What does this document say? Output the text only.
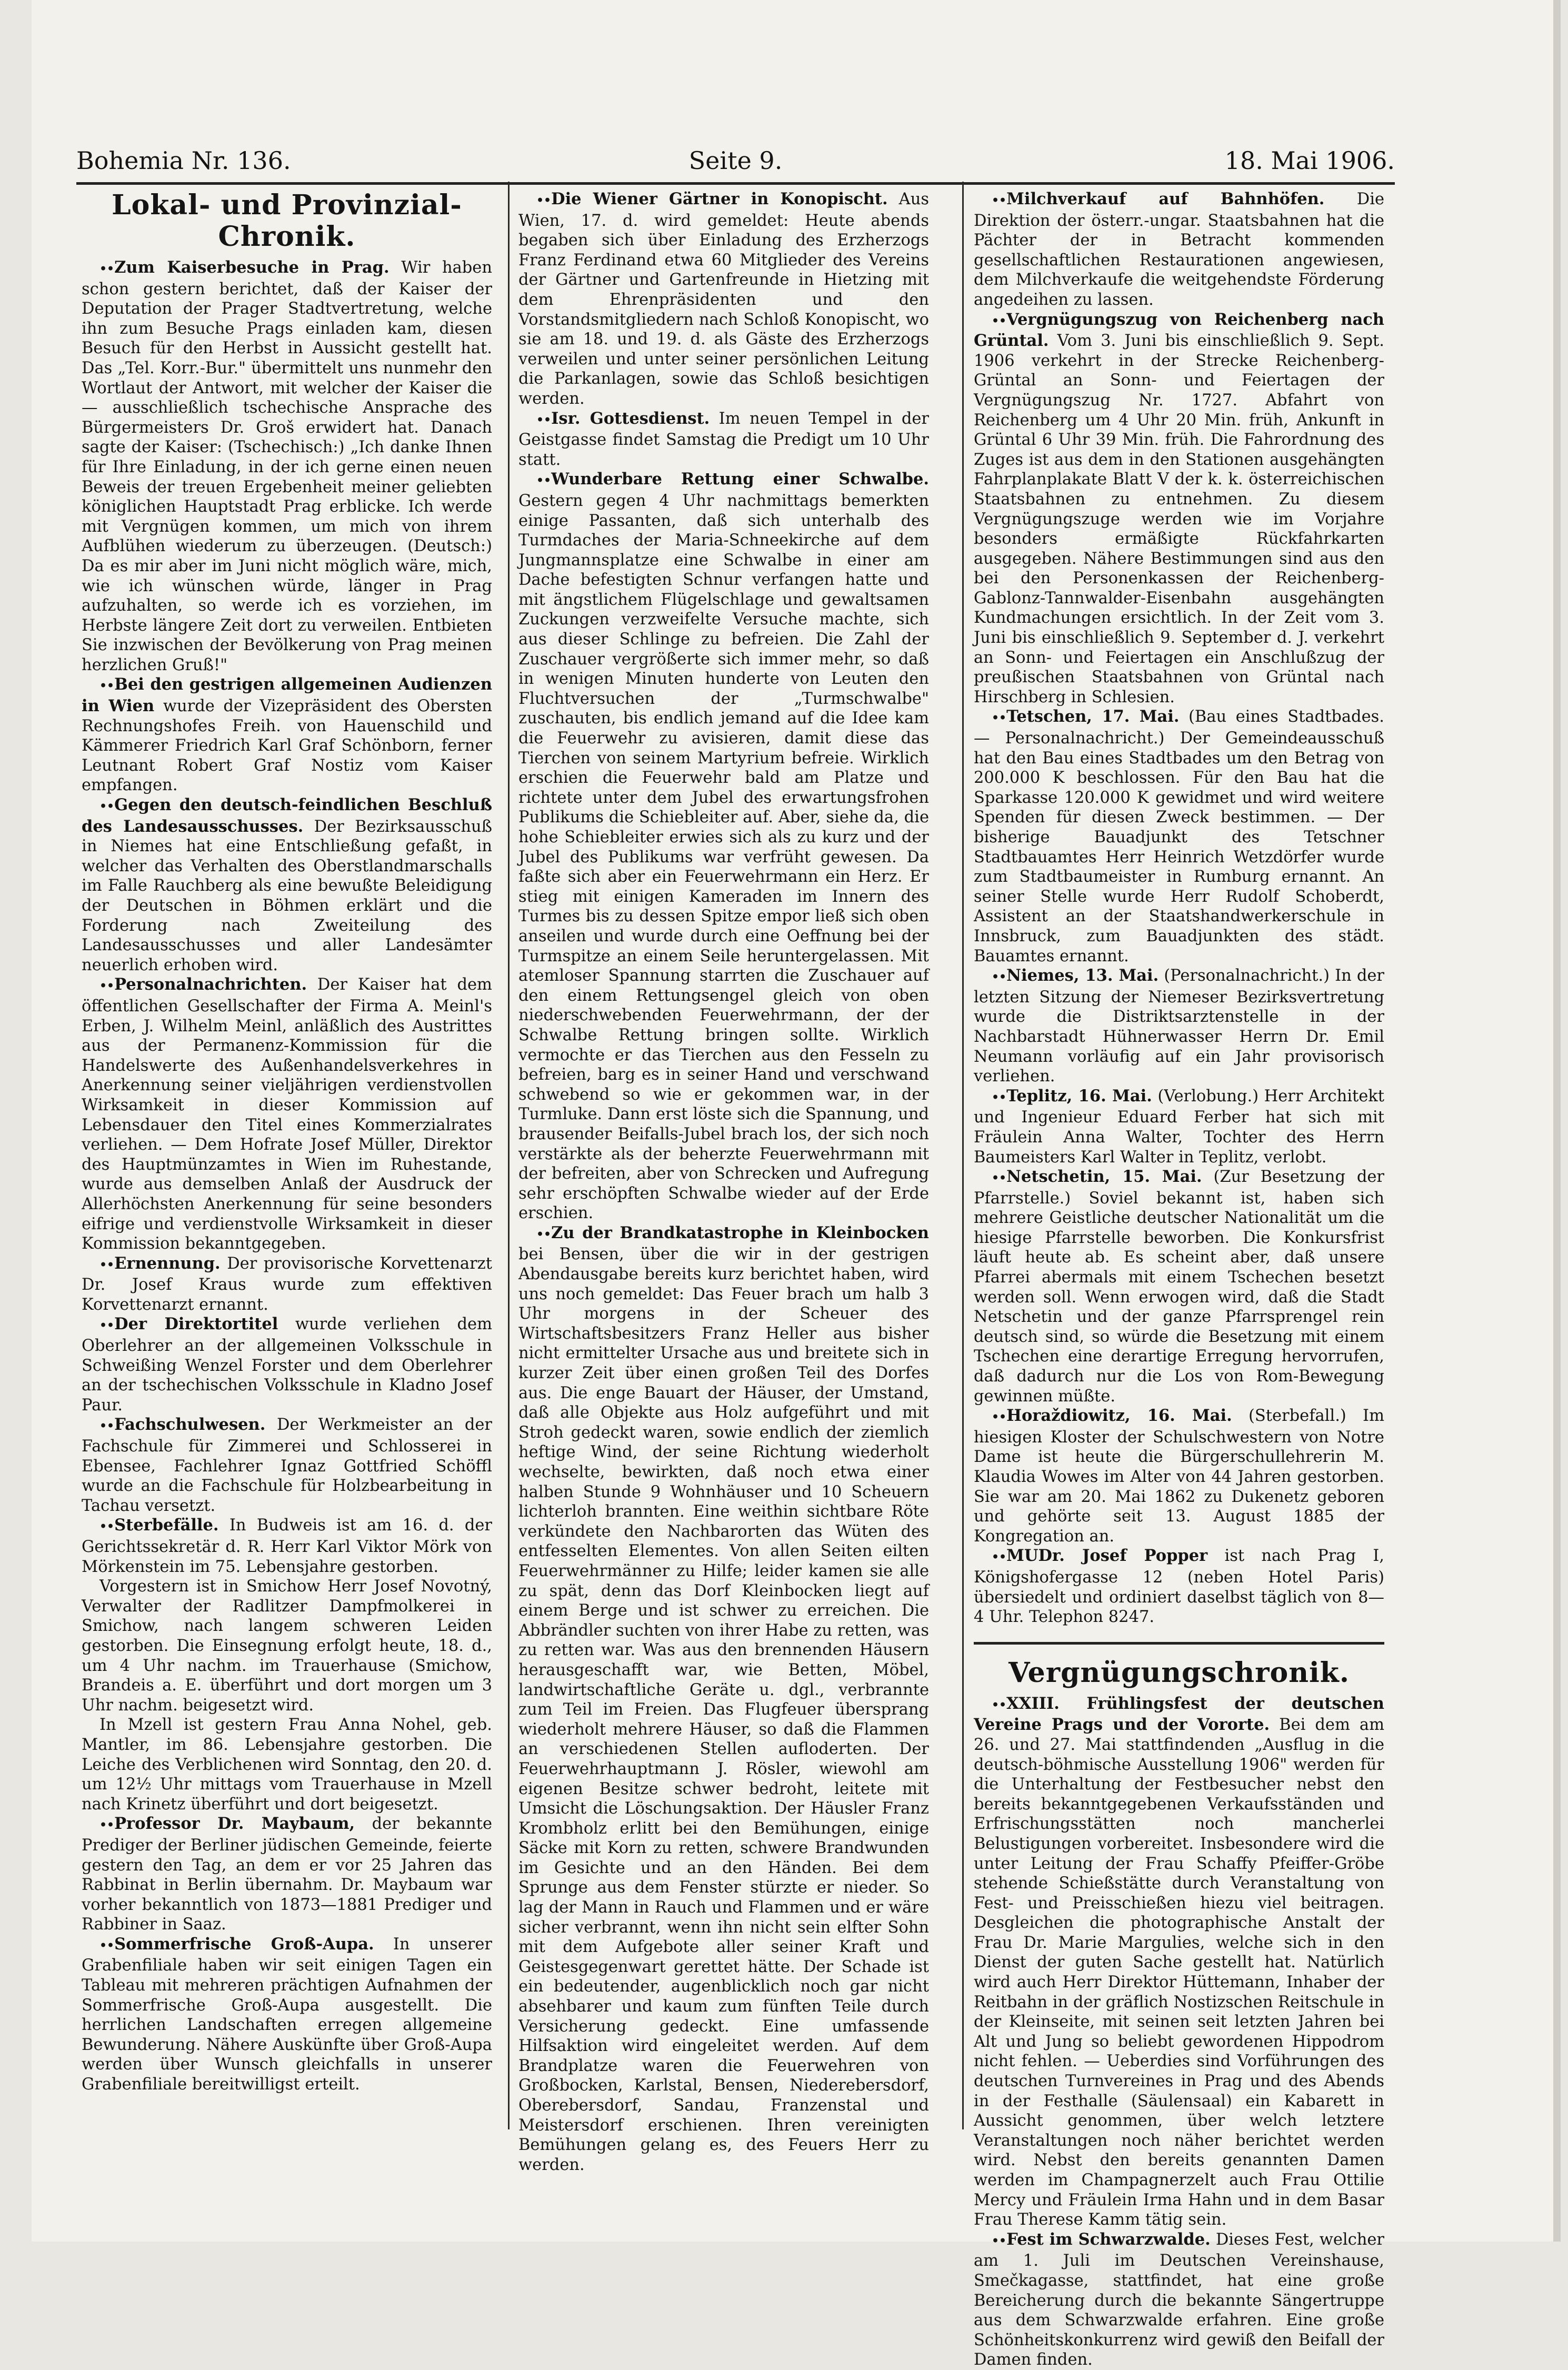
Bohemia Nr. 136.	Seite 9.	18. Mai 1906.
Lokal- und Provinzial-Chronik.

•• Zum Kaiserbesuche in Prag. Wir haben schon gestern berichtet, daß der Kaiser der Deputation der Prager Stadtvertretung, welche ihn zum Besuche Prags einladen kam, diesen Besuch für den Herbst in Aussicht gestellt hat. Das „Tel. Korr.-Bur." übermittelt uns nunmehr den Wortlaut der Antwort, mit welcher der Kaiser die — ausschließlich tschechische Ansprache des Bürgermeisters Dr. Groš erwidert hat. Danach sagte der Kaiser: (Tschechisch:) „Ich danke Ihnen für Ihre Einladung, in der ich gerne einen neuen Beweis der treuen Ergebenheit meiner geliebten königlichen Hauptstadt Prag erblicke. Ich werde mit Vergnügen kommen, um mich von ihrem Aufblühen wiederum zu überzeugen. (Deutsch:) Da es mir aber im Juni nicht möglich wäre, mich, wie ich wünschen würde, länger in Prag aufzuhalten, so werde ich es vorziehen, im Herbste längere Zeit dort zu verweilen. Entbieten Sie inzwischen der Bevölkerung von Prag meinen herzlichen Gruß!"

•• Bei den gestrigen allgemeinen Audienzen in Wien wurde der Vizepräsident des Obersten Rechnungshofes Freih. von Hauenschild und Kämmerer Friedrich Karl Graf Schönborn, ferner Leutnant Robert Graf Nostiz vom Kaiser empfangen.

•• Gegen den deutsch-feindlichen Beschluß des Landesausschusses. Der Bezirksausschuß in Niemes hat eine Entschließung gefaßt, in welcher das Verhalten des Oberstlandmarschalls im Falle Rauchberg als eine bewußte Beleidigung der Deutschen in Böhmen erklärt und die Forderung nach Zweiteilung des Landesausschusses und aller Landesämter neuerlich erhoben wird.

•• Personalnachrichten. Der Kaiser hat dem öffentlichen Gesellschafter der Firma A. Meinl's Erben, J. Wilhelm Meinl, anläßlich des Austrittes aus der Permanenz-Kommission für die Handelswerte des Außenhandelsverkehres in Anerkennung seiner vieljährigen verdienstvollen Wirksamkeit in dieser Kommission auf Lebensdauer den Titel eines Kommerzialrates verliehen. — Dem Hofrate Josef Müller, Direktor des Hauptmünzamtes in Wien im Ruhestande, wurde aus demselben Anlaß der Ausdruck der Allerhöchsten Anerkennung für seine besonders eifrige und verdienstvolle Wirksamkeit in dieser Kommission bekanntgegeben.

•• Ernennung. Der provisorische Korvettenarzt Dr. Josef Kraus wurde zum effektiven Korvettenarzt ernannt.

•• Der Direktortitel wurde verliehen dem Oberlehrer an der allgemeinen Volksschule in Schweißing Wenzel Forster und dem Oberlehrer an der tschechischen Volksschule in Kladno Josef Paur.

•• Fachschulwesen. Der Werkmeister an der Fachschule für Zimmerei und Schlosserei in Ebensee, Fachlehrer Ignaz Gottfried Schöffl wurde an die Fachschule für Holzbearbeitung in Tachau versetzt.

•• Sterbefälle. In Budweis ist am 16. d. der Gerichtssekretär d. R. Herr Karl Viktor Mörk von Mörkenstein im 75. Lebensjahre gestorben.

Vorgestern ist in Smichow Herr Josef Novotný, Verwalter der Radlitzer Dampfmolkerei in Smichow, nach langem schweren Leiden gestorben. Die Einsegnung erfolgt heute, 18. d., um 4 Uhr nachm. im Trauerhause (Smichow, Brandeis a. E. überführt und dort morgen um 3 Uhr nachm. beigesetzt wird.

In Mzell ist gestern Frau Anna Nohel, geb. Mantler, im 86. Lebensjahre gestorben. Die Leiche des Verblichenen wird Sonntag, den 20. d. um 12½ Uhr mittags vom Trauerhause in Mzell nach Krinetz überführt und dort beigesetzt.

•• Professor Dr. Maybaum, der bekannte Prediger der Berliner jüdischen Gemeinde, feierte gestern den Tag, an dem er vor 25 Jahren das Rabbinat in Berlin übernahm. Dr. Maybaum war vorher bekanntlich von 1873—1881 Prediger und Rabbiner in Saaz.

•• Sommerfrische Groß-Aupa. In unserer Grabenfiliale haben wir seit einigen Tagen ein Tableau mit mehreren prächtigen Aufnahmen der Sommerfrische Groß-Aupa ausgestellt. Die herrlichen Landschaften erregen allgemeine Bewunderung. Nähere Auskünfte über Groß-Aupa werden über Wunsch gleichfalls in unserer Grabenfiliale bereitwilligst erteilt.

•• Die Wiener Gärtner in Konopischt. Aus Wien, 17. d. wird gemeldet: Heute abends begaben sich über Einladung des Erzherzogs Franz Ferdinand etwa 60 Mitglieder des Vereins der Gärtner und Gartenfreunde in Hietzing mit dem Ehrenpräsidenten und den Vorstandsmitgliedern nach Schloß Konopischt, wo sie am 18. und 19. d. als Gäste des Erzherzogs verweilen und unter seiner persönlichen Leitung die Parkanlagen, sowie das Schloß besichtigen werden.

•• Isr. Gottesdienst. Im neuen Tempel in der Geistgasse findet Samstag die Predigt um 10 Uhr statt.

•• Wunderbare Rettung einer Schwalbe. Gestern gegen 4 Uhr nachmittags bemerkten einige Passanten, daß sich unterhalb des Turmdaches der Maria-Schneekirche auf dem Jungmannsplatze eine Schwalbe in einer am Dache befestigten Schnur verfangen hatte und mit ängstlichem Flügelschlage und gewaltsamen Zuckungen verzweifelte Versuche machte, sich aus dieser Schlinge zu befreien. Die Zahl der Zuschauer vergrößerte sich immer mehr, so daß in wenigen Minuten hunderte von Leuten den Fluchtversuchen der „Turmschwalbe" zuschauten, bis endlich jemand auf die Idee kam die Feuerwehr zu avisieren, damit diese das Tierchen von seinem Martyrium befreie. Wirklich erschien die Feuerwehr bald am Platze und richtete unter dem Jubel des erwartungsfrohen Publikums die Schiebleiter auf. Aber, siehe da, die hohe Schiebleiter erwies sich als zu kurz und der Jubel des Publikums war verfrüht gewesen. Da faßte sich aber ein Feuerwehrmann ein Herz. Er stieg mit einigen Kameraden im Innern des Turmes bis zu dessen Spitze empor ließ sich oben anseilen und wurde durch eine Oeffnung bei der Turmspitze an einem Seile heruntergelassen. Mit atemloser Spannung starrten die Zuschauer auf den einem Rettungsengel gleich von oben niederschwebenden Feuerwehrmann, der der Schwalbe Rettung bringen sollte. Wirklich vermochte er das Tierchen aus den Fesseln zu befreien, barg es in seiner Hand und verschwand schwebend so wie er gekommen war, in der Turmluke. Dann erst löste sich die Spannung, und brausender Beifalls-Jubel brach los, der sich noch verstärkte als der beherzte Feuerwehrmann mit der befreiten, aber von Schrecken und Aufregung sehr erschöpften Schwalbe wieder auf der Erde erschien.

•• Zu der Brandkatastrophe in Kleinbocken bei Bensen, über die wir in der gestrigen Abendausgabe bereits kurz berichtet haben, wird uns noch gemeldet: Das Feuer brach um halb 3 Uhr morgens in der Scheuer des Wirtschaftsbesitzers Franz Heller aus bisher nicht ermittelter Ursache aus und breitete sich in kurzer Zeit über einen großen Teil des Dorfes aus. Die enge Bauart der Häuser, der Umstand, daß alle Objekte aus Holz aufgeführt und mit Stroh gedeckt waren, sowie endlich der ziemlich heftige Wind, der seine Richtung wiederholt wechselte, bewirkten, daß noch etwa einer halben Stunde 9 Wohnhäuser und 10 Scheuern lichterloh brannten. Eine weithin sichtbare Röte verkündete den Nachbarorten das Wüten des entfesselten Elementes. Von allen Seiten eilten Feuerwehrmänner zu Hilfe; leider kamen sie alle zu spät, denn das Dorf Kleinbocken liegt auf einem Berge und ist schwer zu erreichen. Die Abbrändler suchten von ihrer Habe zu retten, was zu retten war. Was aus den brennenden Häusern herausgeschafft war, wie Betten, Möbel, landwirtschaftliche Geräte u. dgl., verbrannte zum Teil im Freien. Das Flugfeuer übersprang wiederholt mehrere Häuser, so daß die Flammen an verschiedenen Stellen aufloderten. Der Feuerwehrhauptmann J. Rösler, wiewohl am eigenen Besitze schwer bedroht, leitete mit Umsicht die Löschungsaktion. Der Häusler Franz Krombholz erlitt bei den Bemühungen, einige Säcke mit Korn zu retten, schwere Brandwunden im Gesichte und an den Händen. Bei dem Sprunge aus dem Fenster stürzte er nieder. So lag der Mann in Rauch und Flammen und er wäre sicher verbrannt, wenn ihn nicht sein elfter Sohn mit dem Aufgebote aller seiner Kraft und Geistesgegenwart gerettet hätte. Der Schade ist ein bedeutender, augenblicklich noch gar nicht absehbarer und kaum zum fünften Teile durch Versicherung gedeckt. Eine umfassende Hilfsaktion wird eingeleitet werden. Auf dem Brandplatze waren die Feuerwehren von Großbocken, Karlstal, Bensen, Niederebersdorf, Oberebersdorf, Sandau, Franzenstal und Meistersdorf erschienen. Ihren vereinigten Bemühungen gelang es, des Feuers Herr zu werden.

•• Milchverkauf auf Bahnhöfen. Die Direktion der österr.-ungar. Staatsbahnen hat die Pächter der in Betracht kommenden gesellschaftlichen Restaurationen angewiesen, dem Milchverkaufe die weitgehendste Förderung angedeihen zu lassen.

•• Vergnügungszug von Reichenberg nach Grüntal. Vom 3. Juni bis einschließlich 9. Sept. 1906 verkehrt in der Strecke Reichenberg-Grüntal an Sonn- und Feiertagen der Vergnügungszug Nr. 1727. Abfahrt von Reichenberg um 4 Uhr 20 Min. früh, Ankunft in Grüntal 6 Uhr 39 Min. früh. Die Fahrordnung des Zuges ist aus dem in den Stationen ausgehängten Fahrplanplakate Blatt V der k. k. österreichischen Staatsbahnen zu entnehmen. Zu diesem Vergnügungszuge werden wie im Vorjahre besonders ermäßigte Rückfahrkarten ausgegeben. Nähere Bestimmungen sind aus den bei den Personenkassen der Reichenberg-Gablonz-Tannwalder-Eisenbahn ausgehängten Kundmachungen ersichtlich. In der Zeit vom 3. Juni bis einschließlich 9. September d. J. verkehrt an Sonn- und Feiertagen ein Anschlußzug der preußischen Staatsbahnen von Grüntal nach Hirschberg in Schlesien.

•• Tetschen, 17. Mai. (Bau eines Stadtbades. — Personalnachricht.) Der Gemeindeausschuß hat den Bau eines Stadtbades um den Betrag von 200.000 K beschlossen. Für den Bau hat die Sparkasse 120.000 K gewidmet und wird weitere Spenden für diesen Zweck bestimmen. — Der bisherige Bauadjunkt des Tetschner Stadtbauamtes Herr Heinrich Wetzdörfer wurde zum Stadtbaumeister in Rumburg ernannt. An seiner Stelle wurde Herr Rudolf Schoberdt, Assistent an der Staatshandwerkerschule in Innsbruck, zum Bauadjunkten des städt. Bauamtes ernannt.

•• Niemes, 13. Mai. (Personalnachricht.) In der letzten Sitzung der Niemeser Bezirksvertretung wurde die Distriktsarztenstelle in der Nachbarstadt Hühnerwasser Herrn Dr. Emil Neumann vorläufig auf ein Jahr provisorisch verliehen.

•• Teplitz, 16. Mai. (Verlobung.) Herr Architekt und Ingenieur Eduard Ferber hat sich mit Fräulein Anna Walter, Tochter des Herrn Baumeisters Karl Walter in Teplitz, verlobt.

•• Netschetin, 15. Mai. (Zur Besetzung der Pfarrstelle.) Soviel bekannt ist, haben sich mehrere Geistliche deutscher Nationalität um die hiesige Pfarrstelle beworben. Die Konkursfrist läuft heute ab. Es scheint aber, daß unsere Pfarrei abermals mit einem Tschechen besetzt werden soll. Wenn erwogen wird, daß die Stadt Netschetin und der ganze Pfarrsprengel rein deutsch sind, so würde die Besetzung mit einem Tschechen eine derartige Erregung hervorrufen, daß dadurch nur die Los von Rom-Bewegung gewinnen müßte.

•• Horaždiowitz, 16. Mai. (Sterbefall.) Im hiesigen Kloster der Schulschwestern von Notre Dame ist heute die Bürgerschullehrerin M. Klaudia Wowes im Alter von 44 Jahren gestorben. Sie war am 20. Mai 1862 zu Dukenetz geboren und gehörte seit 13. August 1885 der Kongregation an.

•• MUDr. Josef Popper ist nach Prag I, Königshofergasse 12 (neben Hotel Paris) übersiedelt und ordiniert daselbst täglich von 8—4 Uhr. Telephon 8247.

Vergnügungschronik.

•• XXIII. Frühlingsfest der deutschen Vereine Prags und der Vororte. Bei dem am 26. und 27. Mai stattfindenden „Ausflug in die deutsch-böhmische Ausstellung 1906" werden für die Unterhaltung der Festbesucher nebst den bereits bekanntgegebenen Verkaufsständen und Erfrischungsstätten noch mancherlei Belustigungen vorbereitet. Insbesondere wird die unter Leitung der Frau Schaffy Pfeiffer-Gröbe stehende Schießstätte durch Veranstaltung von Fest- und Preisschießen hiezu viel beitragen. Desgleichen die photographische Anstalt der Frau Dr. Marie Margulies, welche sich in den Dienst der guten Sache gestellt hat. Natürlich wird auch Herr Direktor Hüttemann, Inhaber der Reitbahn in der gräflich Nostizschen Reitschule in der Kleinseite, mit seinen seit letzten Jahren bei Alt und Jung so beliebt gewordenen Hippodrom nicht fehlen. — Ueberdies sind Vorführungen des deutschen Turnvereines in Prag und des Abends in der Festhalle (Säulensaal) ein Kabarett in Aussicht genommen, über welch letztere Veranstaltungen noch näher berichtet werden wird. Nebst den bereits genannten Damen werden im Champagnerzelt auch Frau Ottilie Mercy und Fräulein Irma Hahn und in dem Basar Frau Therese Kamm tätig sein.

•• Fest im Schwarzwalde. Dieses Fest, welcher am 1. Juli im Deutschen Vereinshause, Smečkagasse, stattfindet, hat eine große Bereicherung durch die bekannte Sängertruppe aus dem Schwarzwalde erfahren. Eine große Schönheitskonkurrenz wird gewiß den Beifall der Damen finden.
